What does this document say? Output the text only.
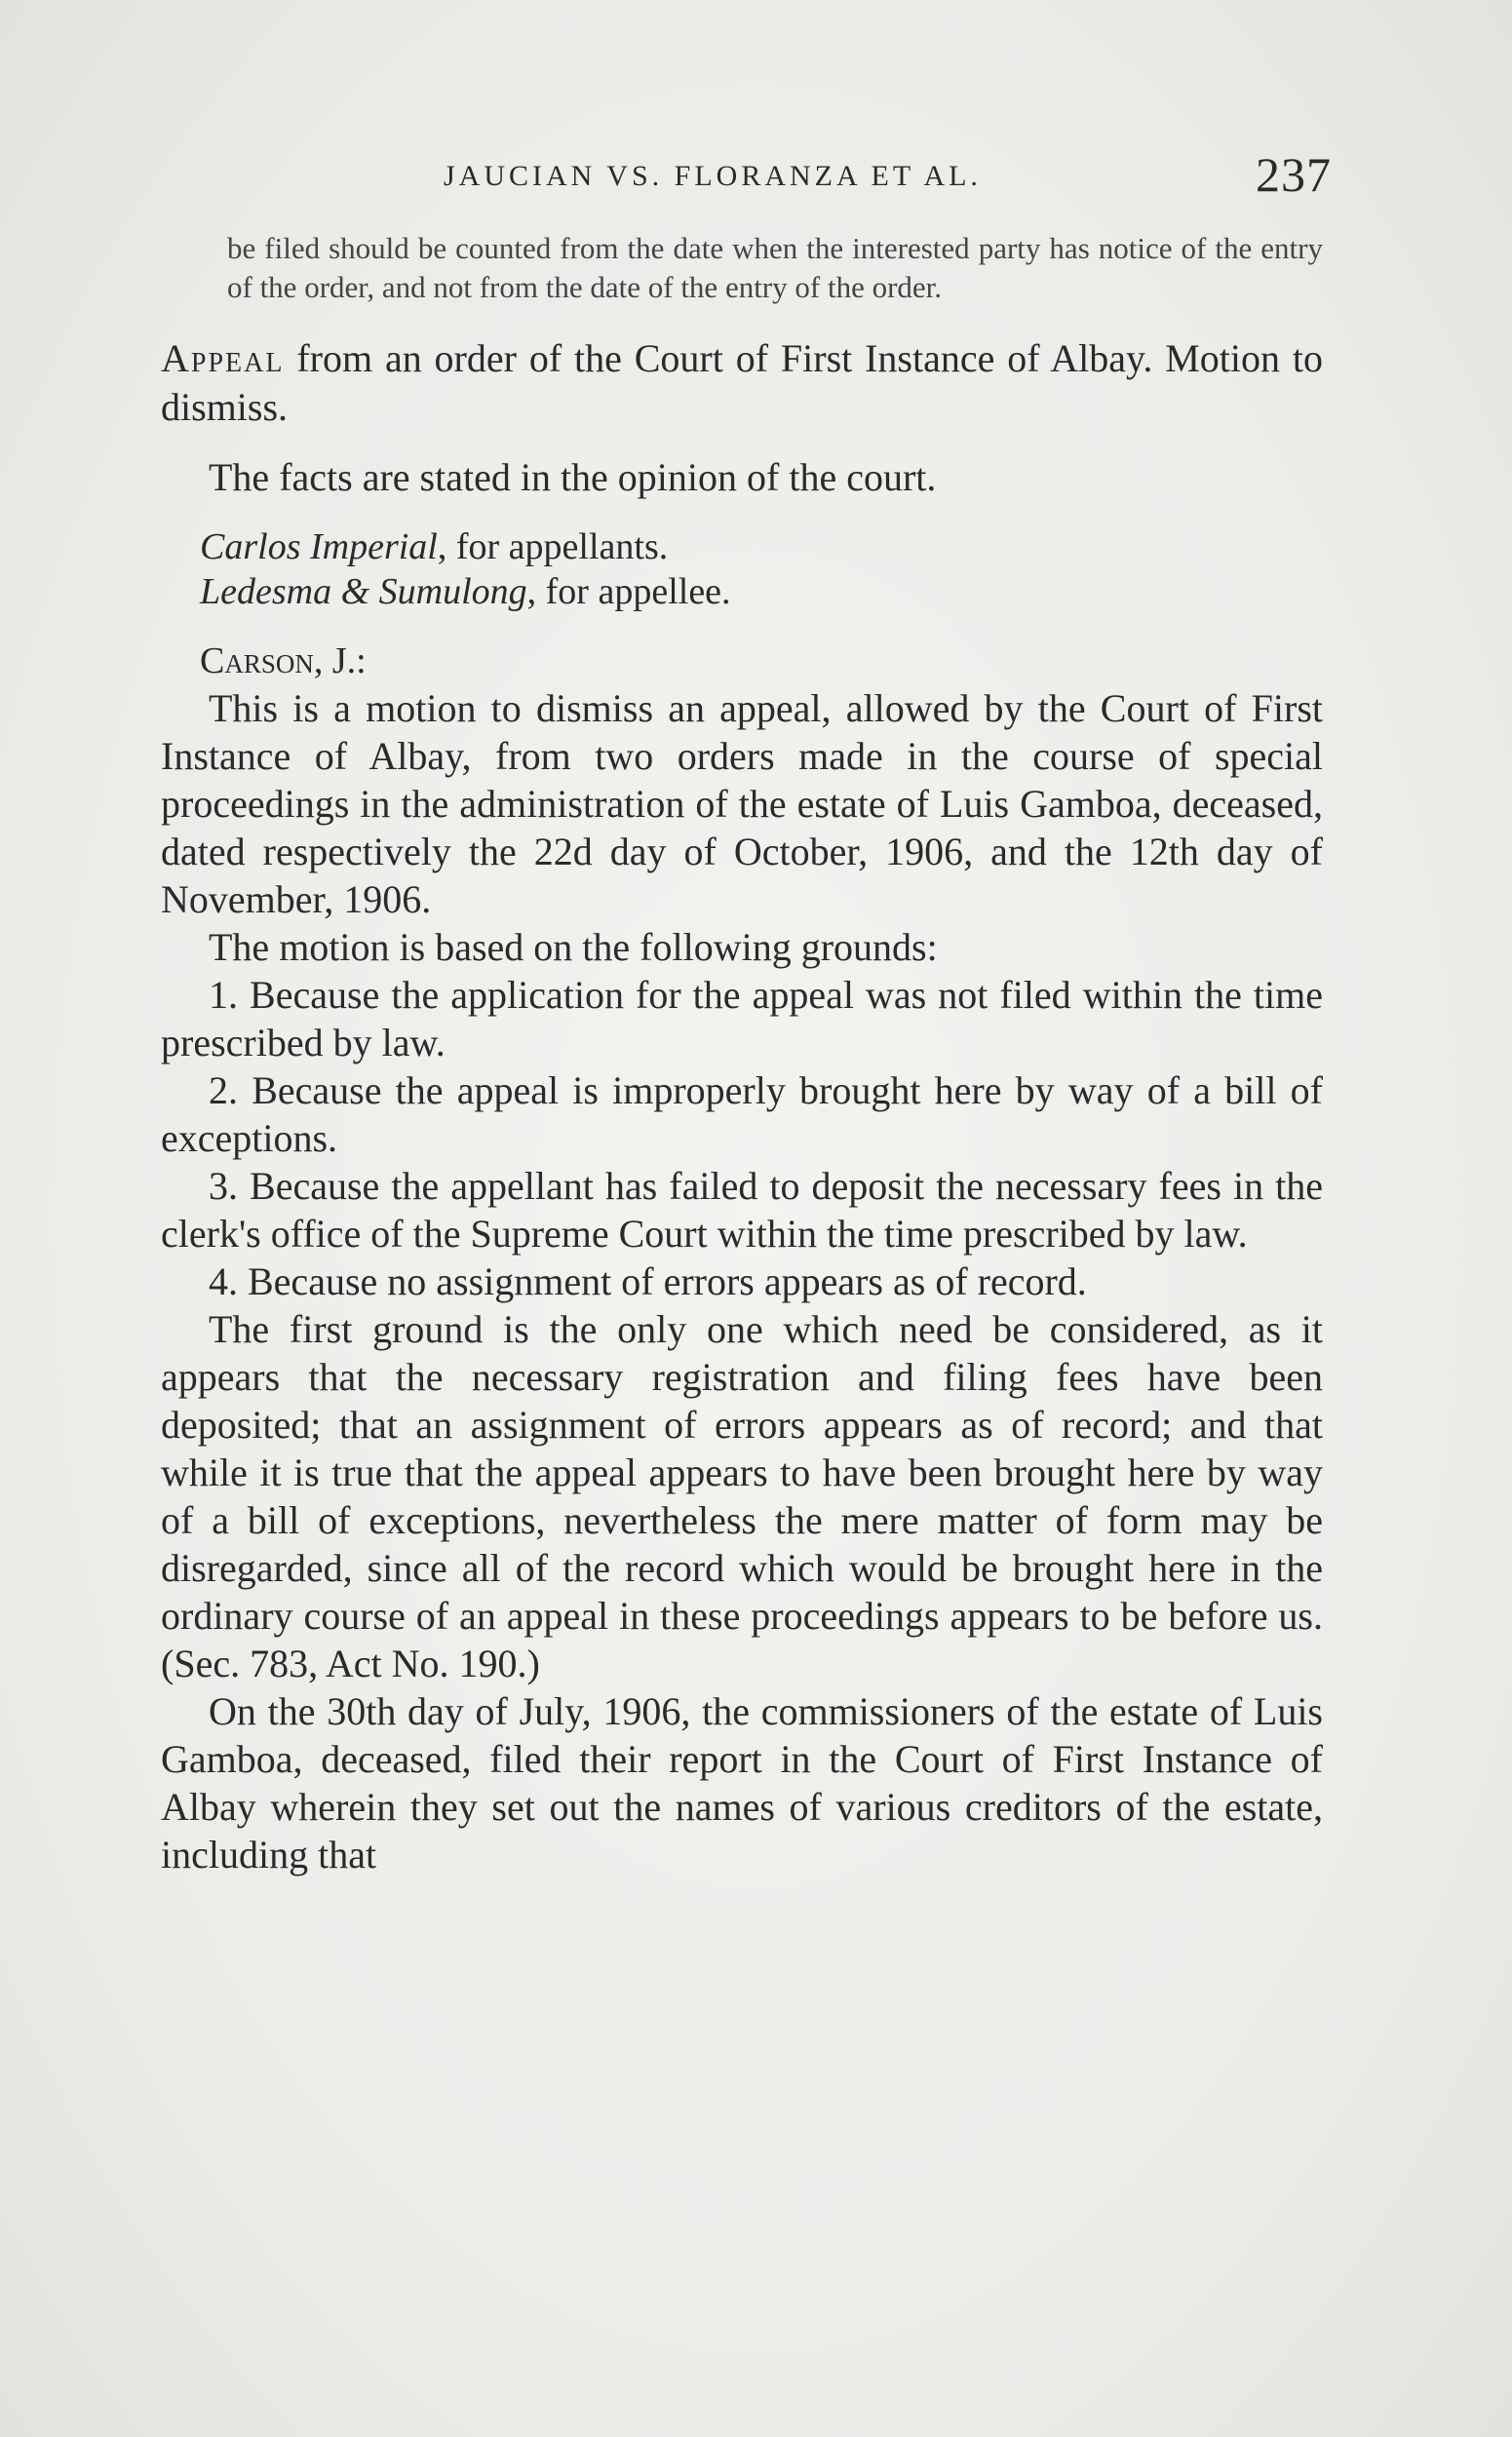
JAUCIAN VS. FLORANZA ET AL.	237

be filed should be counted from the date when the interested party has notice of the entry of the order, and not from the date of the entry of the order.

Appeal from an order of the Court of First Instance of Albay. Motion to dismiss.

The facts are stated in the opinion of the court.

Carlos Imperial, for appellants.

Ledesma & Sumulong, for appellee.

Carson, J.:

This is a motion to dismiss an appeal, allowed by the Court of First Instance of Albay, from two orders made in the course of special proceedings in the administration of the estate of Luis Gamboa, deceased, dated respectively the 22d day of October, 1906, and the 12th day of November, 1906.

The motion is based on the following grounds:

1. Because the application for the appeal was not filed within the time prescribed by law.

2. Because the appeal is improperly brought here by way of a bill of exceptions.

3. Because the appellant has failed to deposit the necessary fees in the clerk's office of the Supreme Court within the time prescribed by law.

4. Because no assignment of errors appears as of record.

The first ground is the only one which need be considered, as it appears that the necessary registration and filing fees have been deposited; that an assignment of errors appears as of record; and that while it is true that the appeal appears to have been brought here by way of a bill of exceptions, nevertheless the mere matter of form may be disregarded, since all of the record which would be brought here in the ordinary course of an appeal in these proceedings appears to be before us. (Sec. 783, Act No. 190.)

On the 30th day of July, 1906, the commissioners of the estate of Luis Gamboa, deceased, filed their report in the Court of First Instance of Albay wherein they set out the names of various creditors of the estate, including that
